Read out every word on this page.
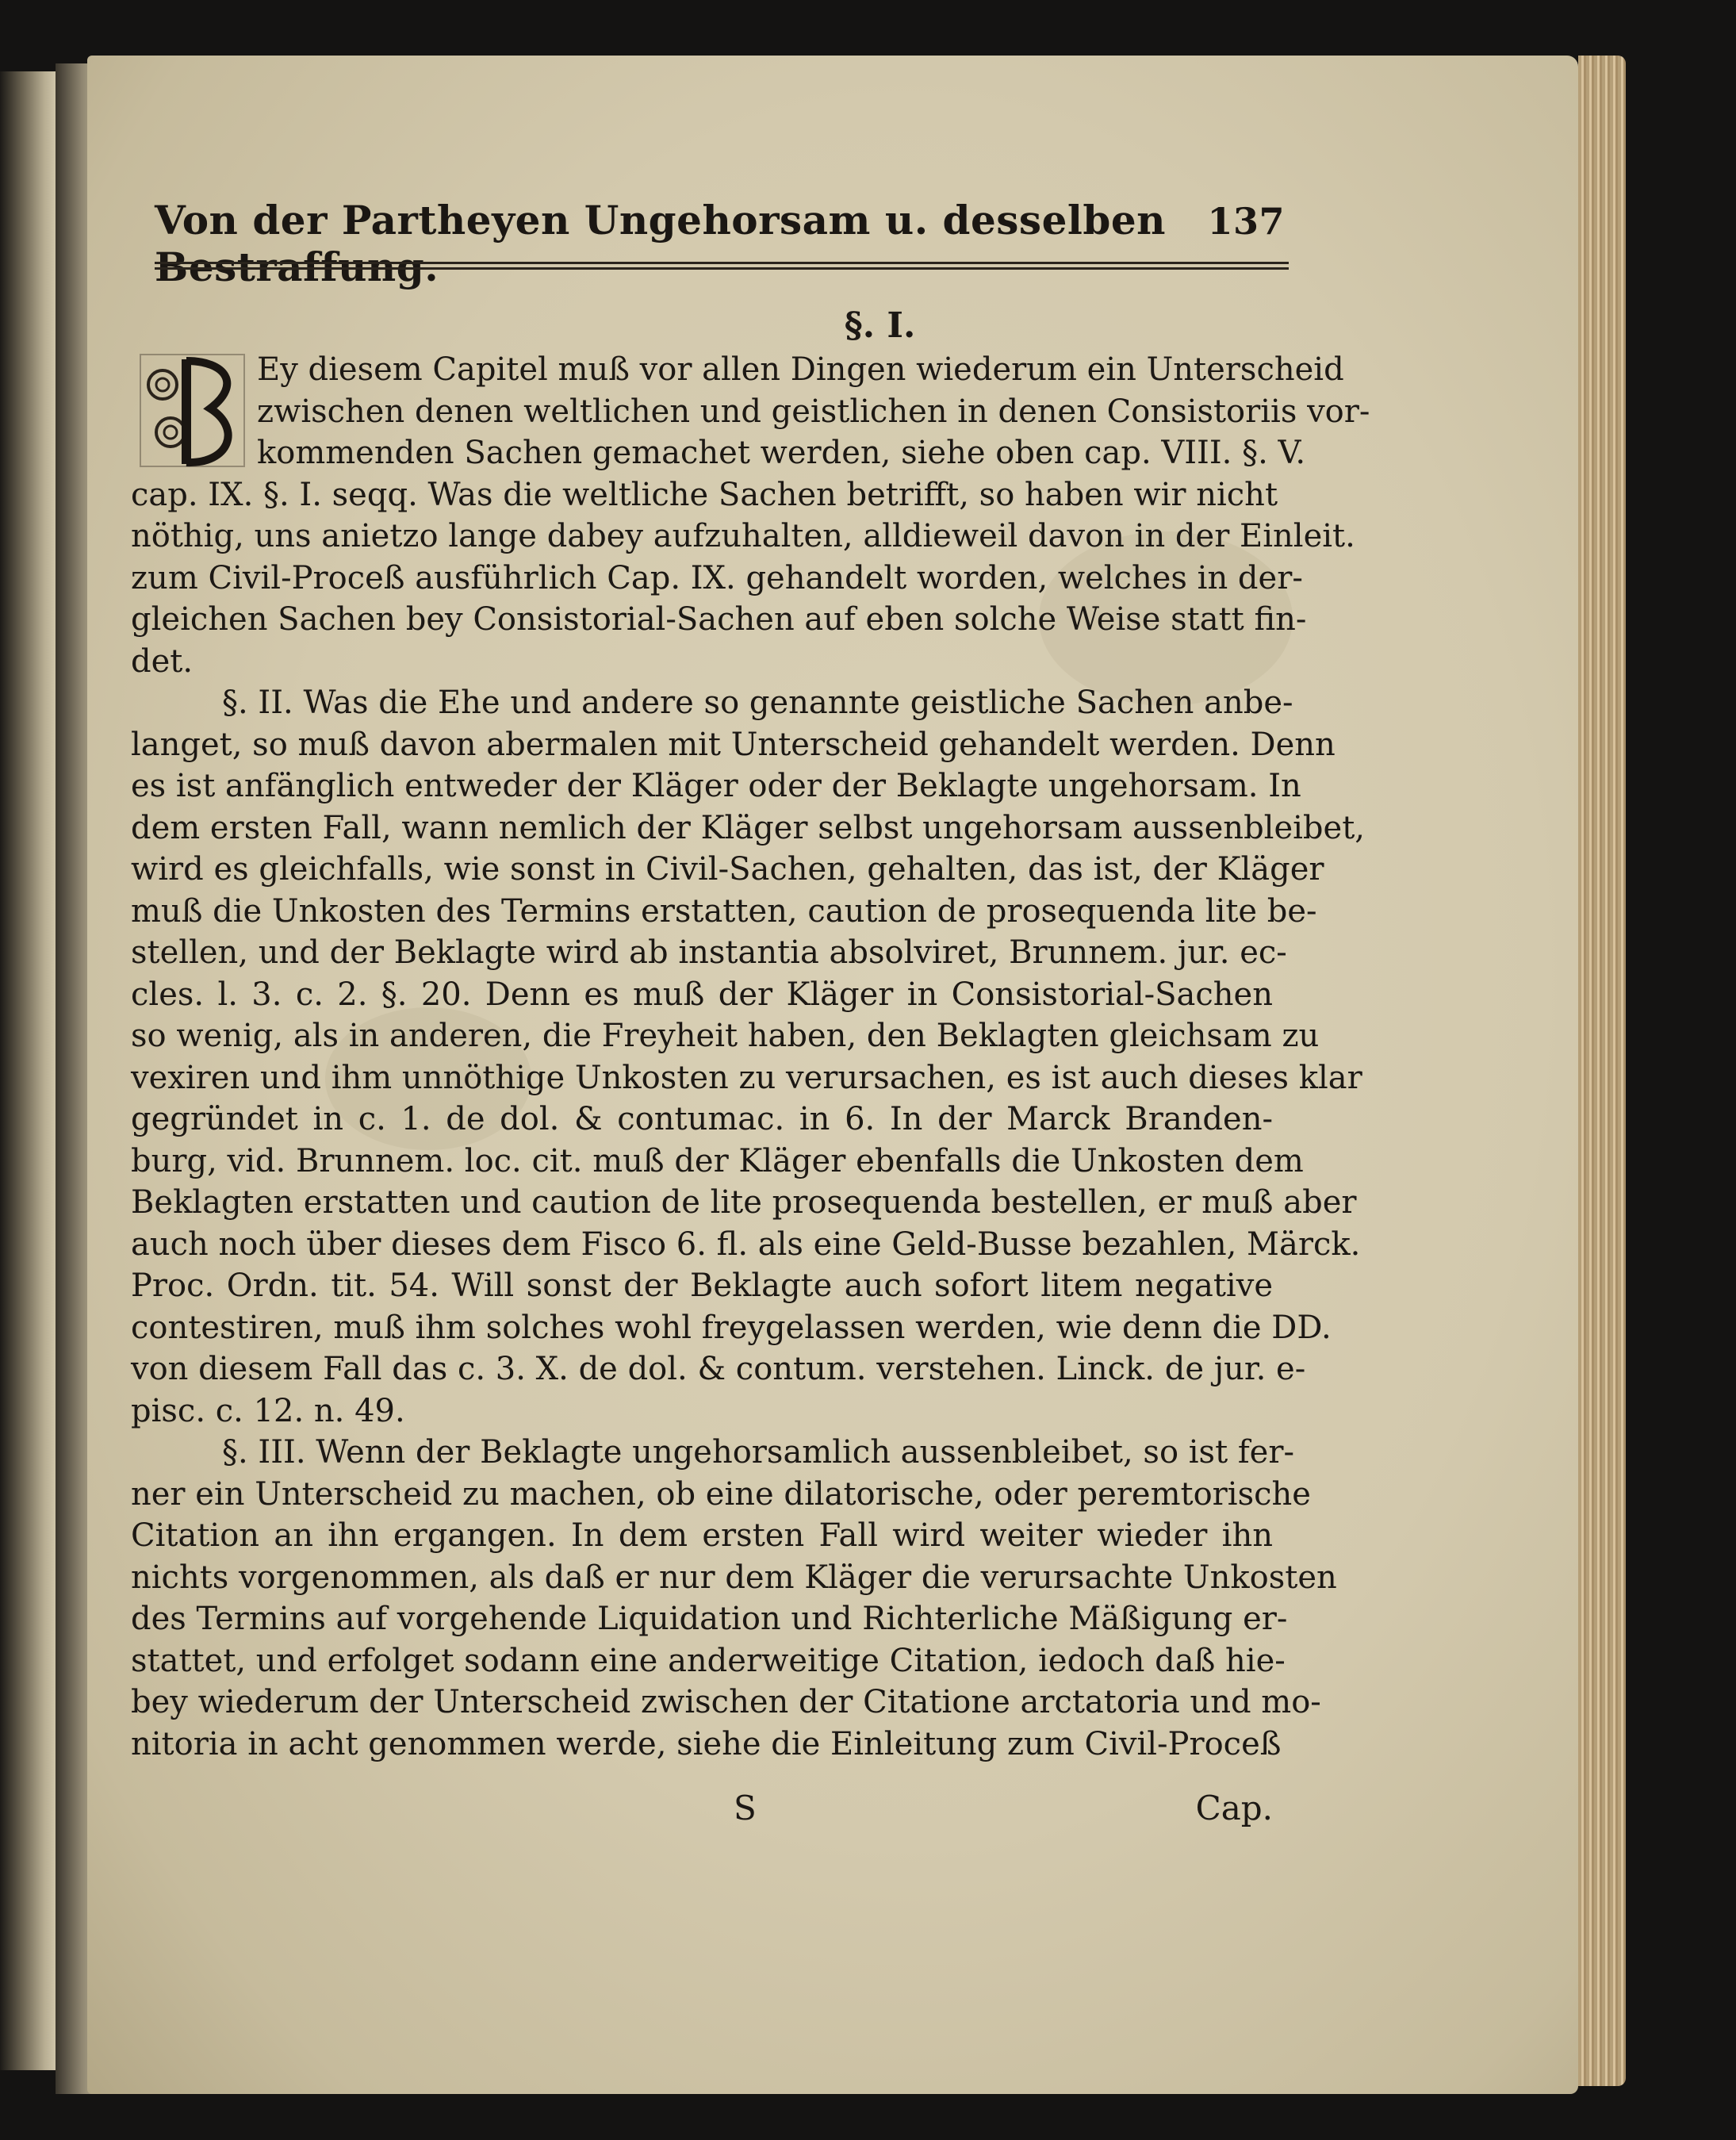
Von der Partheyen Ungehorsam u. desselben Bestraffung.
137
§. I.
Ey diesem Capitel muß vor allen Dingen wiederum ein Unterscheid
zwischen denen weltlichen und geistlichen in denen Consistoriis vor-
kommenden Sachen gemachet werden, siehe oben cap. VIII. §. V.
cap. IX. §. I. seqq. Was die weltliche Sachen betrifft, so haben wir nicht
nöthig, uns anietzo lange dabey aufzuhalten, alldieweil davon in der Einleit.
zum Civil-Proceß ausführlich Cap. IX. gehandelt worden, welches in der-
gleichen Sachen bey Consistorial-Sachen auf eben solche Weise statt fin-
det.
§. II. Was die Ehe und andere so genannte geistliche Sachen anbe-
langet, so muß davon abermalen mit Unterscheid gehandelt werden. Denn
es ist anfänglich entweder der Kläger oder der Beklagte ungehorsam. In
dem ersten Fall, wann nemlich der Kläger selbst ungehorsam aussenbleibet,
wird es gleichfalls, wie sonst in Civil-Sachen, gehalten, das ist, der Kläger
muß die Unkosten des Termins erstatten, caution de prosequenda lite be-
stellen, und der Beklagte wird ab instantia absolviret, Brunnem. jur. ec-
cles. l. 3. c. 2. §. 20. Denn es muß der Kläger in Consistorial-Sachen
so wenig, als in anderen, die Freyheit haben, den Beklagten gleichsam zu
vexiren und ihm unnöthige Unkosten zu verursachen, es ist auch dieses klar
gegründet in c. 1. de dol. & contumac. in 6. In der Marck Branden-
burg, vid. Brunnem. loc. cit. muß der Kläger ebenfalls die Unkosten dem
Beklagten erstatten und caution de lite prosequenda bestellen, er muß aber
auch noch über dieses dem Fisco 6. fl. als eine Geld-Busse bezahlen, Märck.
Proc. Ordn. tit. 54. Will sonst der Beklagte auch sofort litem negative
contestiren, muß ihm solches wohl freygelassen werden, wie denn die DD.
von diesem Fall das c. 3. X. de dol. & contum. verstehen. Linck. de jur. e-
pisc. c. 12. n. 49.
§. III. Wenn der Beklagte ungehorsamlich aussenbleibet, so ist fer-
ner ein Unterscheid zu machen, ob eine dilatorische, oder peremtorische
Citation an ihn ergangen. In dem ersten Fall wird weiter wieder ihn
nichts vorgenommen, als daß er nur dem Kläger die verursachte Unkosten
des Termins auf vorgehende Liquidation und Richterliche Mäßigung er-
stattet, und erfolget sodann eine anderweitige Citation, iedoch daß hie-
bey wiederum der Unterscheid zwischen der Citatione arctatoria und mo-
nitoria in acht genommen werde, siehe die Einleitung zum Civil-Proceß
S	Cap.
